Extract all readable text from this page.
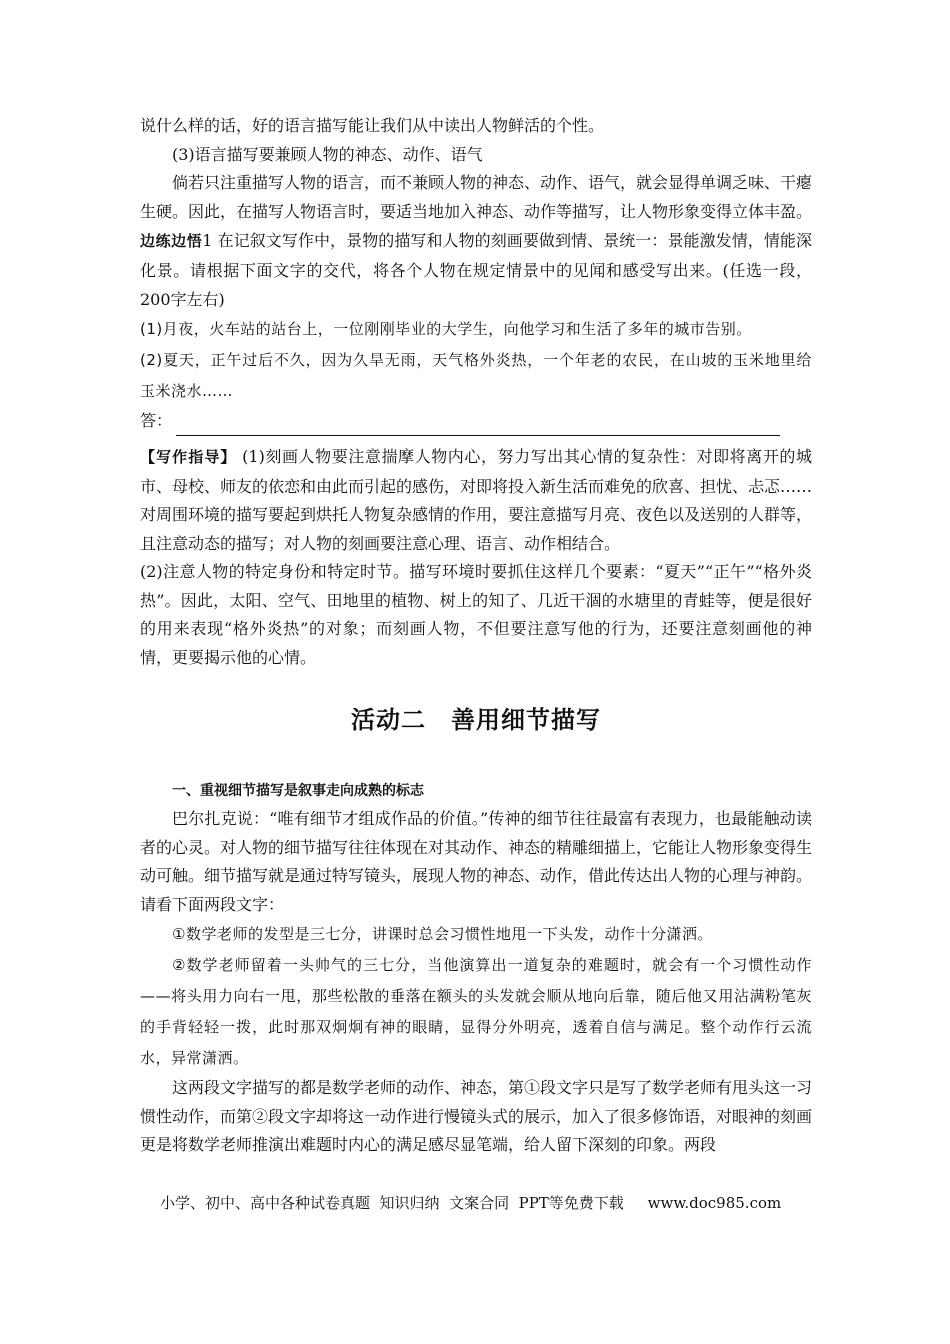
说什么样的话，好的语言描写能让我们从中读出人物鲜活的个性。

(3)语言描写要兼顾人物的神态、动作、语气

倘若只注重描写人物的语言，而不兼顾人物的神态、动作、语气，就会显得单调乏味、干瘪生硬。因此，在描写人物语言时，要适当地加入神态、动作等描写，让人物形象变得立体丰盈。

边练边悟1 在记叙文写作中，景物的描写和人物的刻画要做到情、景统一：景能激发情，情能深化景。请根据下面文字的交代，将各个人物在规定情景中的见闻和感受写出来。(任选一段，200字左右)

(1)月夜，火车站的站台上，一位刚刚毕业的大学生，向他学习和生活了多年的城市告别。

(2)夏天，正午过后不久，因为久旱无雨，天气格外炎热，一个年老的农民，在山坡的玉米地里给玉米浇水……

答：

【写作指导】 (1)刻画人物要注意揣摩人物内心，努力写出其心情的复杂性：对即将离开的城市、母校、师友的依恋和由此而引起的感伤，对即将投入新生活而难免的欣喜、担忧、忐忑……对周围环境的描写要起到烘托人物复杂感情的作用，要注意描写月亮、夜色以及送别的人群等，且注意动态的描写；对人物的刻画要注意心理、语言、动作相结合。

(2)注意人物的特定身份和特定时节。描写环境时要抓住这样几个要素：“夏天”“正午”“格外炎热”。因此，太阳、空气、田地里的植物、树上的知了、几近干涸的水塘里的青蛙等，便是很好的用来表现“格外炎热”的对象；而刻画人物，不但要注意写他的行为，还要注意刻画他的神情，更要揭示他的心情。

活动二　善用细节描写

一、重视细节描写是叙事走向成熟的标志

巴尔扎克说：“唯有细节才组成作品的价值。”传神的细节往往最富有表现力，也最能触动读者的心灵。对人物的细节描写往往体现在对其动作、神态的精雕细描上，它能让人物形象变得生动可触。细节描写就是通过特写镜头，展现人物的神态、动作，借此传达出人物的心理与神韵。请看下面两段文字：

①数学老师的发型是三七分，讲课时总会习惯性地甩一下头发，动作十分潇洒。

②数学老师留着一头帅气的三七分，当他演算出一道复杂的难题时，就会有一个习惯性动作——将头用力向右一甩，那些松散的垂落在额头的头发就会顺从地向后靠，随后他又用沾满粉笔灰的手背轻轻一拨，此时那双炯炯有神的眼睛，显得分外明亮，透着自信与满足。整个动作行云流水，异常潇洒。

这两段文字描写的都是数学老师的动作、神态，第①段文字只是写了数学老师有甩头这一习惯性动作，而第②段文字却将这一动作进行慢镜头式的展示，加入了很多修饰语，对眼神的刻画更是将数学老师推演出难题时内心的满足感尽显笔端，给人留下深刻的印象。两段

小学、初中、高中各种试卷真题  知识归纳  文案合同  PPT等免费下载     www.doc985.com
